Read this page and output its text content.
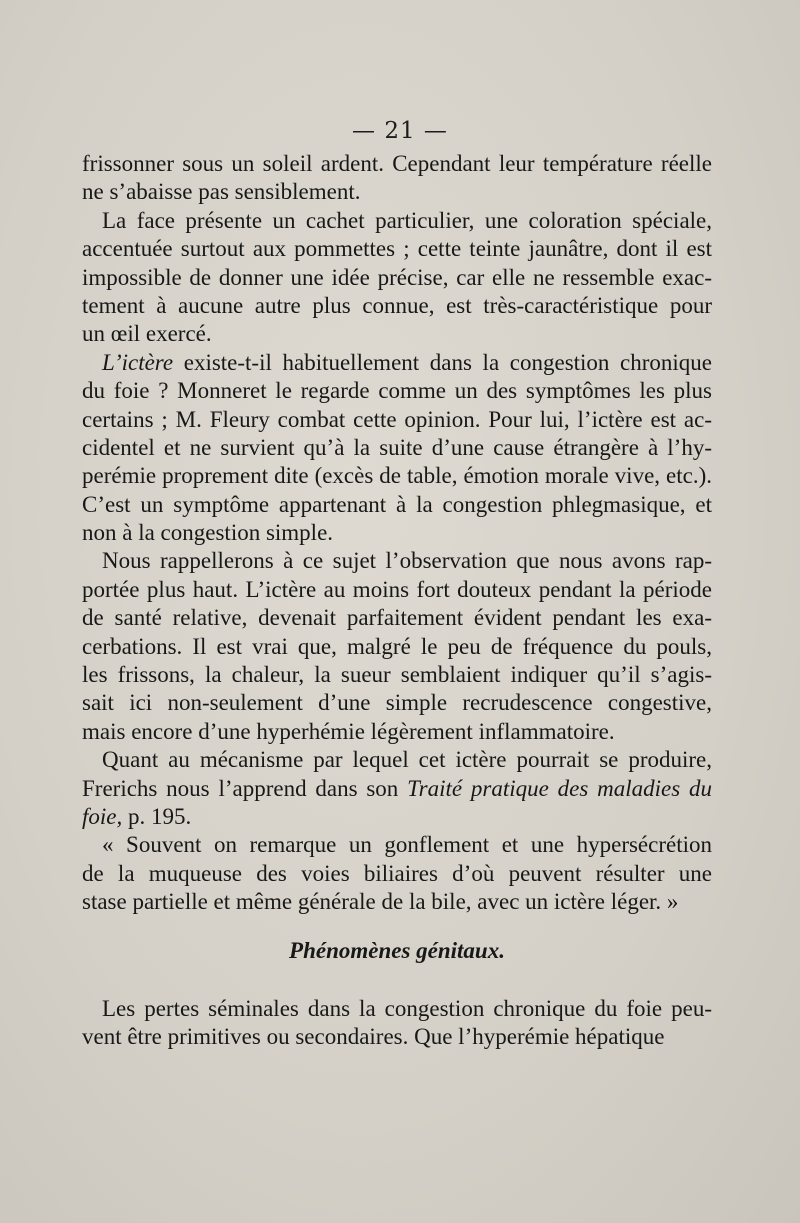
— 21 —
frissonner sous un soleil ardent. Cependant leur température réelle
ne s’abaisse pas sensiblement.
La face présente un cachet particulier, une coloration spéciale,
accentuée surtout aux pommettes ; cette teinte jaunâtre, dont il est
impossible de donner une idée précise, car elle ne ressemble exac-
tement à aucune autre plus connue, est très-caractéristique pour
un œil exercé.
L’ictère existe-t-il habituellement dans la congestion chronique
du foie ? Monneret le regarde comme un des symptômes les plus
certains ; M. Fleury combat cette opinion. Pour lui, l’ictère est ac-
cidentel et ne survient qu’à la suite d’une cause étrangère à l’hy-
perémie proprement dite (excès de table, émotion morale vive, etc.).
C’est un symptôme appartenant à la congestion phlegmasique, et
non à la congestion simple.
Nous rappellerons à ce sujet l’observation que nous avons rap-
portée plus haut. L’ictère au moins fort douteux pendant la période
de santé relative, devenait parfaitement évident pendant les exa-
cerbations. Il est vrai que, malgré le peu de fréquence du pouls,
les frissons, la chaleur, la sueur semblaient indiquer qu’il s’agis-
sait ici non-seulement d’une simple recrudescence congestive,
mais encore d’une hyperhémie légèrement inflammatoire.
Quant au mécanisme par lequel cet ictère pourrait se produire,
Frerichs nous l’apprend dans son Traité pratique des maladies du
foie, p. 195.
« Souvent on remarque un gonflement et une hypersécrétion
de la muqueuse des voies biliaires d’où peuvent résulter une
stase partielle et même générale de la bile, avec un ictère léger. »
Phénomènes génitaux.
Les pertes séminales dans la congestion chronique du foie peu-
vent être primitives ou secondaires. Que l’hyperémie hépatique
